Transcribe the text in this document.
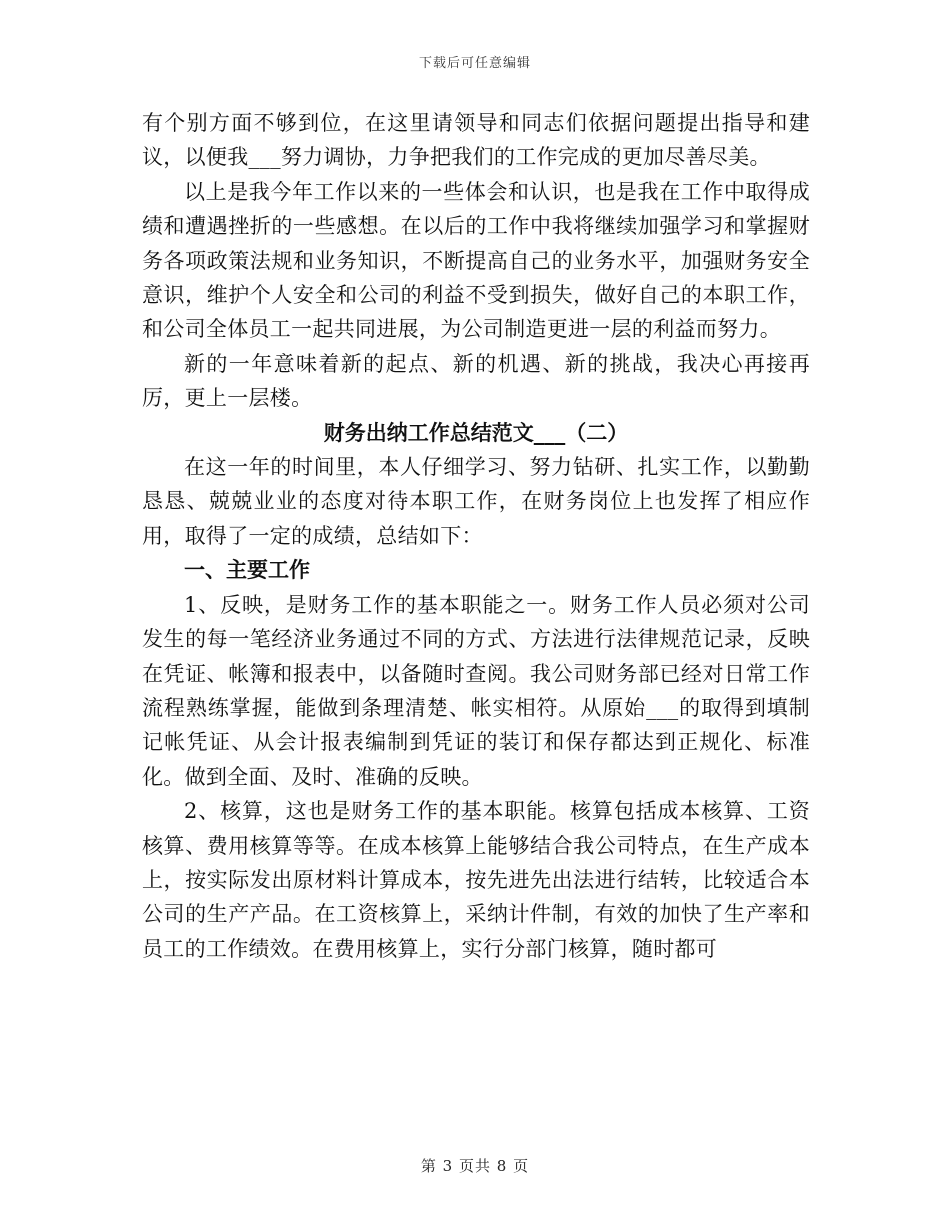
下载后可任意编辑

有个别方面不够到位，在这里请领导和同志们依据问题提出指导和建议，以便我___努力调协，力争把我们的工作完成的更加尽善尽美。

以上是我今年工作以来的一些体会和认识，也是我在工作中取得成绩和遭遇挫折的一些感想。在以后的工作中我将继续加强学习和掌握财务各项政策法规和业务知识，不断提高自己的业务水平，加强财务安全意识，维护个人安全和公司的利益不受到损失，做好自己的本职工作，和公司全体员工一起共同进展，为公司制造更进一层的利益而努力。

新的一年意味着新的起点、新的机遇、新的挑战，我决心再接再厉，更上一层楼。

财务出纳工作总结范文___（二）

在这一年的时间里，本人仔细学习、努力钻研、扎实工作，以勤勤恳恳、兢兢业业的态度对待本职工作，在财务岗位上也发挥了相应作用，取得了一定的成绩，总结如下：

一、主要工作

1、反映，是财务工作的基本职能之一。财务工作人员必须对公司发生的每一笔经济业务通过不同的方式、方法进行法律规范记录，反映在凭证、帐簿和报表中，以备随时查阅。我公司财务部已经对日常工作流程熟练掌握，能做到条理清楚、帐实相符。从原始___的取得到填制记帐凭证、从会计报表编制到凭证的装订和保存都达到正规化、标准化。做到全面、及时、准确的反映。

2、核算，这也是财务工作的基本职能。核算包括成本核算、工资核算、费用核算等等。在成本核算上能够结合我公司特点，在生产成本上，按实际发出原材料计算成本，按先进先出法进行结转，比较适合本公司的生产产品。在工资核算上，采纳计件制，有效的加快了生产率和员工的工作绩效。在费用核算上，实行分部门核算，随时都可

第 3 页共 8 页
